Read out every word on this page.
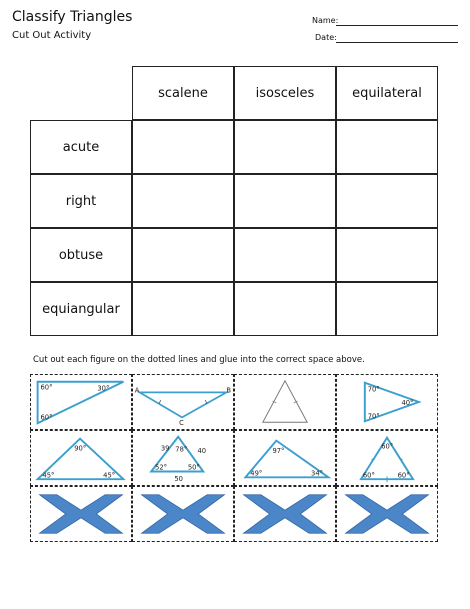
Classify Triangles
Cut Out Activity
Name:
Date:
scalene	isosceles	equilateral
acute
right
obtuse
equiangular
Cut out each figure on the dotted lines and glue into the correct space above.
60°	30°
60°
A	B
C
70°
40°
70°
90°
45°	45°
39 78° 40
52°	50°
50
97°
49°	34°
60°
60°	60°
